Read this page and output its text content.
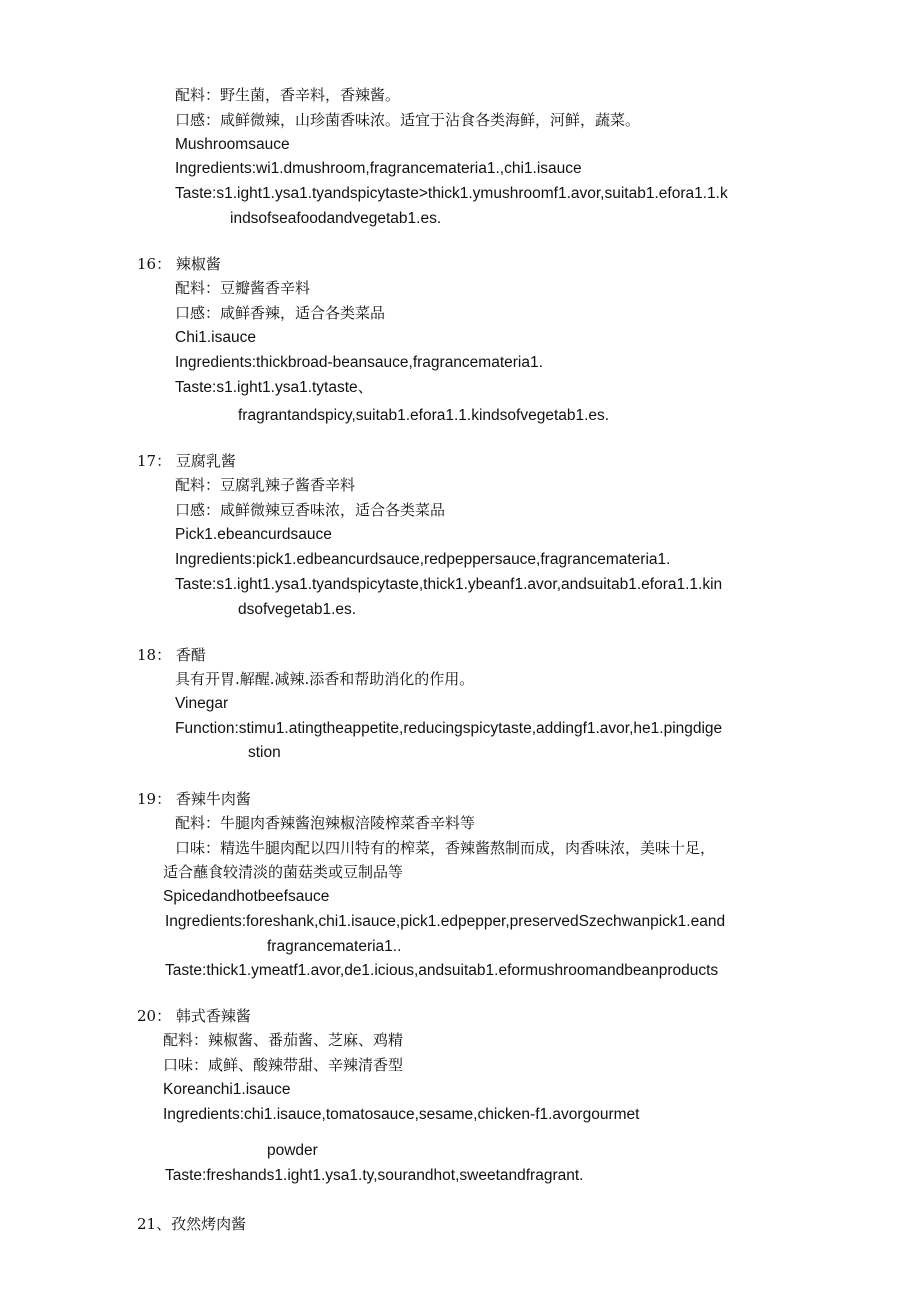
配料：野生菌，香辛料，香辣酱。
口感：咸鲜微辣，山珍菌香味浓。适宜于沾食各类海鲜，河鲜，蔬菜。
Mushroomsauce
Ingredients:wi1.dmushroom,fragrancemateria1.,chi1.isauce
Taste:s1.ight1.ysa1.tyandspicytaste>thick1.ymushroomf1.avor,suitab1.efora1.1.k
indsofseafoodandvegetab1.es.
16： 辣椒酱
配料：豆瓣酱香辛料
口感：咸鲜香辣，适合各类菜品
Chi1.isauce
Ingredients:thickbroad-beansauce,fragrancemateria1.
Taste:s1.ight1.ysa1.tytaste、
fragrantandspicy,suitab1.efora1.1.kindsofvegetab1.es.
17： 豆腐乳酱
配料：豆腐乳辣子酱香辛料
口感：咸鲜微辣豆香味浓，适合各类菜品
Pick1.ebeancurdsauce
Ingredients:pick1.edbeancurdsauce,redpeppersauce,fragrancemateria1.
Taste:s1.ight1.ysa1.tyandspicytaste,thick1.ybeanf1.avor,andsuitab1.efora1.1.kin
dsofvegetab1.es.
18： 香醋
具有开胃.解醒.减辣.添香和帮助消化的作用。
Vinegar
Function:stimu1.atingtheappetite,reducingspicytaste,addingf1.avor,he1.pingdige
stion
19： 香辣牛肉酱
配料：牛腿肉香辣酱泡辣椒涪陵榨菜香辛料等
口味：精选牛腿肉配以四川特有的榨菜，香辣酱熬制而成，肉香味浓，美味十足，
适合蘸食较清淡的菌菇类或豆制品等
Spicedandhotbeefsauce
Ingredients:foreshank,chi1.isauce,pick1.edpepper,preservedSzechwanpick1.eand
fragrancemateria1..
Taste:thick1.ymeatf1.avor,de1.icious,andsuitab1.eformushroomandbeanproducts
20： 韩式香辣酱
配料：辣椒酱、番茄酱、芝麻、鸡精
口味：咸鲜、酸辣带甜、辛辣清香型
Koreanchi1.isauce
Ingredients:chi1.isauce,tomatosauce,sesame,chicken-f1.avorgourmet
powder
Taste:freshands1.ight1.ysa1.ty,sourandhot,sweetandfragrant.
21、孜然烤肉酱
